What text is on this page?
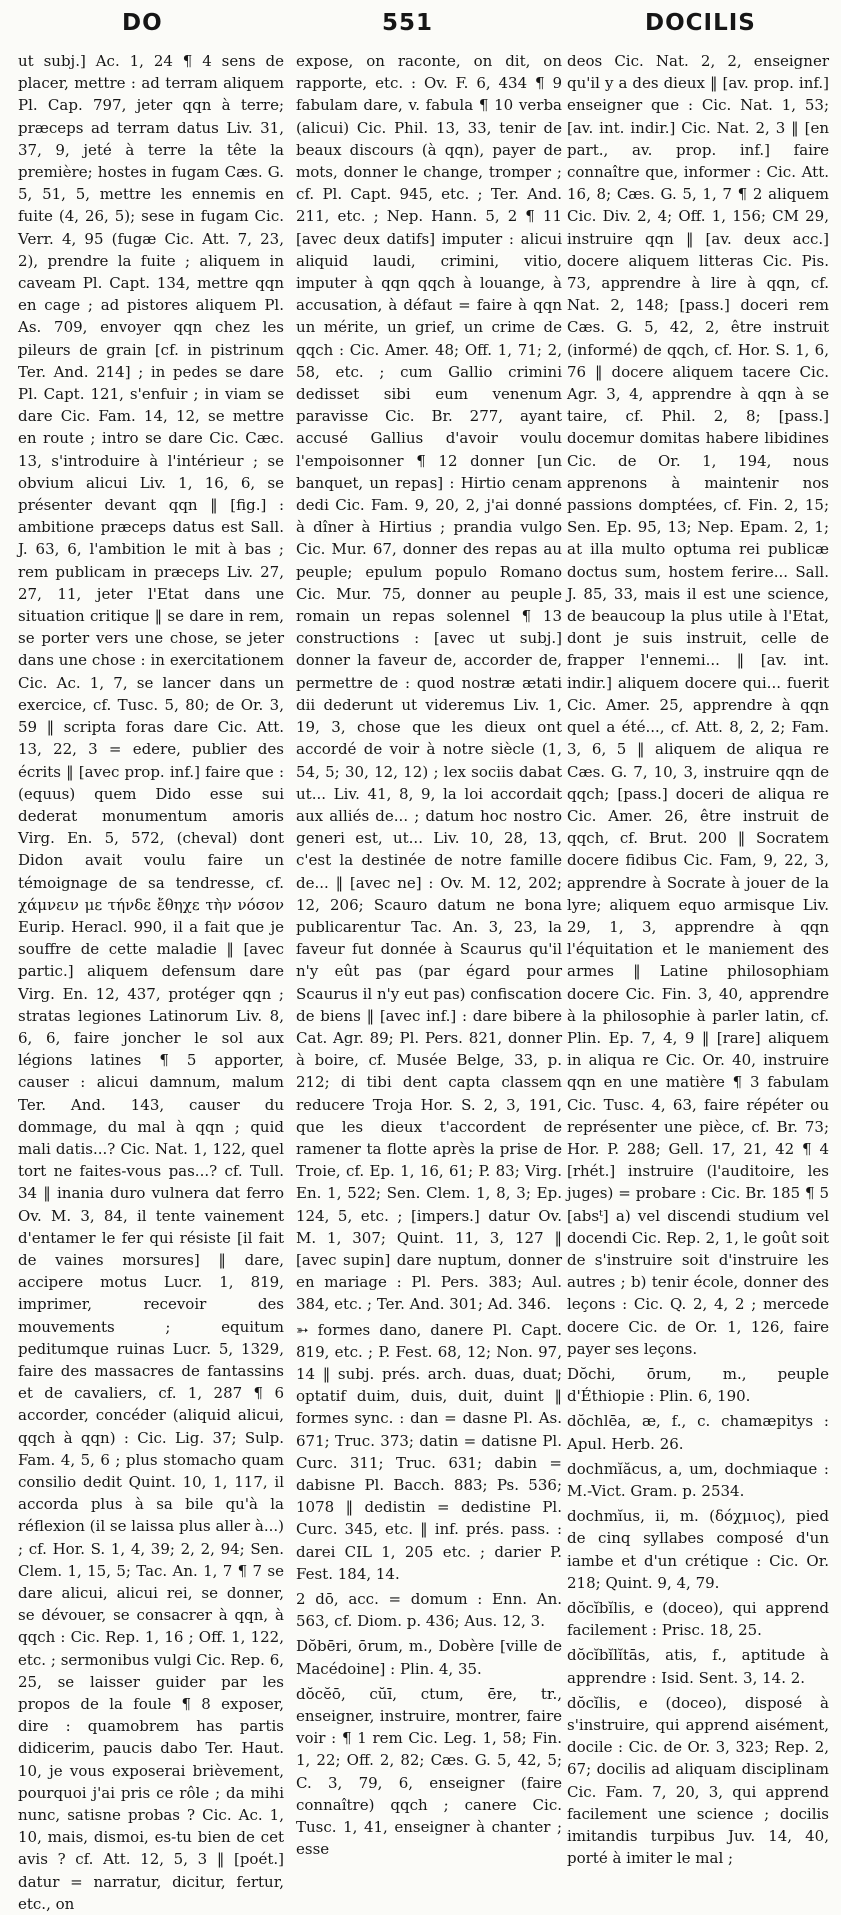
DO	551	DOCILIS

ut subj.] Ac. 1, 24 ¶ 4 sens de placer, mettre : ad terram aliquem Pl. Cap. 797, jeter qqn à terre; præceps ad terram datus Liv. 31, 37, 9, jeté à terre la tête la première; hostes in fugam Cæs. G. 5, 51, 5, mettre les ennemis en fuite (4, 26, 5); sese in fugam Cic. Verr. 4, 95 (fugæ Cic. Att. 7, 23, 2), prendre la fuite ; aliquem in caveam Pl. Capt. 134, mettre qqn en cage ; ad pistores aliquem Pl. As. 709, envoyer qqn chez les pileurs de grain [cf. in pistrinum Ter. And. 214] ; in pedes se dare Pl. Capt. 121, s'enfuir ; in viam se dare Cic. Fam. 14, 12, se mettre en route ; intro se dare Cic. Cæc. 13, s'introduire à l'intérieur ; se obvium alicui Liv. 1, 16, 6, se présenter devant qqn ‖ [fig.] : ambitione præceps datus est Sall. J. 63, 6, l'ambition le mit à bas ; rem publicam in præceps Liv. 27, 27, 11, jeter l'Etat dans une situation critique ‖ se dare in rem, se porter vers une chose, se jeter dans une chose : in exercitationem Cic. Ac. 1, 7, se lancer dans un exercice, cf. Tusc. 5, 80; de Or. 3, 59 ‖ scripta foras dare Cic. Att. 13, 22, 3 = edere, publier des écrits ‖ [avec prop. inf.] faire que : (equus) quem Dido esse sui dederat monumentum amoris Virg. En. 5, 572, (cheval) dont Didon avait voulu faire un témoignage de sa tendresse, cf. χάμνειν με τήνδε ἔθηχε τὴν νόσον Eurip. Heracl. 990, il a fait que je souffre de cette maladie ‖ [avec partic.] aliquem defensum dare Virg. En. 12, 437, protéger qqn ; stratas legiones Latinorum Liv. 8, 6, 6, faire joncher le sol aux légions latines ¶ 5 apporter, causer : alicui damnum, malum Ter. And. 143, causer du dommage, du mal à qqn ; quid mali datis...? Cic. Nat. 1, 122, quel tort ne faites-vous pas...? cf. Tull. 34 ‖ inania duro vulnera dat ferro Ov. M. 3, 84, il tente vainement d'entamer le fer qui résiste [il fait de vaines morsures] ‖ dare, accipere motus Lucr. 1, 819, imprimer, recevoir des mouvements ; equitum peditumque ruinas Lucr. 5, 1329, faire des massacres de fantassins et de cavaliers, cf. 1, 287 ¶ 6 accorder, concéder (aliquid alicui, qqch à qqn) : Cic. Lig. 37; Sulp. Fam. 4, 5, 6 ; plus stomacho quam consilio dedit Quint. 10, 1, 117, il accorda plus à sa bile qu'à la réflexion (il se laissa plus aller à...) ; cf. Hor. S. 1, 4, 39; 2, 2, 94; Sen. Clem. 1, 15, 5; Tac. An. 1, 7 ¶ 7 se dare alicui, alicui rei, se donner, se dévouer, se consacrer à qqn, à qqch : Cic. Rep. 1, 16 ; Off. 1, 122, etc. ; sermonibus vulgi Cic. Rep. 6, 25, se laisser guider par les propos de la foule ¶ 8 exposer, dire : quamobrem has partis didicerim, paucis dabo Ter. Haut. 10, je vous exposerai brièvement, pourquoi j'ai pris ce rôle ; da mihi nunc, satisne probas ? Cic. Ac. 1, 10, mais, dismoi, es-tu bien de cet avis ? cf. Att. 12, 5, 3 ‖ [poét.] datur = narratur, dicitur, fertur, etc., on

expose, on raconte, on dit, on rapporte, etc. : Ov. F. 6, 434 ¶ 9 fabulam dare, v. fabula ¶ 10 verba (alicui) Cic. Phil. 13, 33, tenir de beaux discours (à qqn), payer de mots, donner le change, tromper ; cf. Pl. Capt. 945, etc. ; Ter. And. 211, etc. ; Nep. Hann. 5, 2 ¶ 11 [avec deux datifs] imputer : alicui aliquid laudi, crimini, vitio, imputer à qqn qqch à louange, à accusation, à défaut = faire à qqn un mérite, un grief, un crime de qqch : Cic. Amer. 48; Off. 1, 71; 2, 58, etc. ; cum Gallio crimini dedisset sibi eum venenum paravisse Cic. Br. 277, ayant accusé Gallius d'avoir voulu l'empoisonner ¶ 12 donner [un banquet, un repas] : Hirtio cenam dedi Cic. Fam. 9, 20, 2, j'ai donné à dîner à Hirtius ; prandia vulgo Cic. Mur. 67, donner des repas au peuple; epulum populo Romano Cic. Mur. 75, donner au peuple romain un repas solennel ¶ 13 constructions : [avec ut subj.] donner la faveur de, accorder de, permettre de : quod nostræ ætati dii dederunt ut videremus Liv. 1, 19, 3, chose que les dieux ont accordé de voir à notre siècle (1, 54, 5; 30, 12, 12) ; lex sociis dabat ut... Liv. 41, 8, 9, la loi accordait aux alliés de... ; datum hoc nostro generi est, ut... Liv. 10, 28, 13, c'est la destinée de notre famille de... ‖ [avec ne] : Ov. M. 12, 202; 12, 206; Scauro datum ne bona publicarentur Tac. An. 3, 23, la faveur fut donnée à Scaurus qu'il n'y eût pas (par égard pour Scaurus il n'y eut pas) confiscation de biens ‖ [avec inf.] : dare bibere Cat. Agr. 89; Pl. Pers. 821, donner à boire, cf. Musée Belge, 33, p. 212; di tibi dent capta classem reducere Troja Hor. S. 2, 3, 191, que les dieux t'accordent de ramener ta flotte après la prise de Troie, cf. Ep. 1, 16, 61; P. 83; Virg. En. 1, 522; Sen. Clem. 1, 8, 3; Ep. 124, 5, etc. ; [impers.] datur Ov. M. 1, 307; Quint. 11, 3, 127 ‖ [avec supin] dare nuptum, donner en mariage : Pl. Pers. 383; Aul. 384, etc. ; Ter. And. 301; Ad. 346.

➳ formes dano, danere Pl. Capt. 819, etc. ; P. Fest. 68, 12; Non. 97, 14 ‖ subj. prés. arch. duas, duat; optatif duim, duis, duit, duint ‖ formes sync. : dan = dasne Pl. As. 671; Truc. 373; datin = datisne Pl. Curc. 311; Truc. 631; dabin = dabisne Pl. Bacch. 883; Ps. 536; 1078 ‖ dedistin = dedistine Pl. Curc. 345, etc. ‖ inf. prés. pass. : darei CIL 1, 205 etc. ; darier P. Fest. 184, 14.

2 dō, acc. = domum : Enn. An. 563, cf. Diom. p. 436; Aus. 12, 3.

Dŏbēri, ōrum, m., Dobère [ville de Macédoine] : Plin. 4, 35.

dŏcĕō, cŭī, ctum, ēre, tr., enseigner, instruire, montrer, faire voir : ¶ 1 rem Cic. Leg. 1, 58; Fin. 1, 22; Off. 2, 82; Cæs. G. 5, 42, 5; C. 3, 79, 6, enseigner (faire connaître) qqch ; canere Cic. Tusc. 1, 41, enseigner à chanter ; esse

deos Cic. Nat. 2, 2, enseigner qu'il y a des dieux ‖ [av. prop. inf.] enseigner que : Cic. Nat. 1, 53; [av. int. indir.] Cic. Nat. 2, 3 ‖ [en part., av. prop. inf.] faire connaître que, informer : Cic. Att. 16, 8; Cæs. G. 5, 1, 7 ¶ 2 aliquem Cic. Div. 2, 4; Off. 1, 156; CM 29, instruire qqn ‖ [av. deux acc.] docere aliquem litteras Cic. Pis. 73, apprendre à lire à qqn, cf. Nat. 2, 148; [pass.] doceri rem Cæs. G. 5, 42, 2, être instruit (informé) de qqch, cf. Hor. S. 1, 6, 76 ‖ docere aliquem tacere Cic. Agr. 3, 4, apprendre à qqn à se taire, cf. Phil. 2, 8; [pass.] docemur domitas habere libidines Cic. de Or. 1, 194, nous apprenons à maintenir nos passions domptées, cf. Fin. 2, 15; Sen. Ep. 95, 13; Nep. Epam. 2, 1; at illa multo optuma rei publicæ doctus sum, hostem ferire... Sall. J. 85, 33, mais il est une science, de beaucoup la plus utile à l'Etat, dont je suis instruit, celle de frapper l'ennemi... ‖ [av. int. indir.] aliquem docere qui... fuerit Cic. Amer. 25, apprendre à qqn quel a été..., cf. Att. 8, 2, 2; Fam. 3, 6, 5 ‖ aliquem de aliqua re Cæs. G. 7, 10, 3, instruire qqn de qqch; [pass.] doceri de aliqua re Cic. Amer. 26, être instruit de qqch, cf. Brut. 200 ‖ Socratem docere fidibus Cic. Fam, 9, 22, 3, apprendre à Socrate à jouer de la lyre; aliquem equo armisque Liv. 29, 1, 3, apprendre à qqn l'équitation et le maniement des armes ‖ Latine philosophiam docere Cic. Fin. 3, 40, apprendre à la philosophie à parler latin, cf. Plin. Ep. 7, 4, 9 ‖ [rare] aliquem in aliqua re Cic. Or. 40, instruire qqn en une matière ¶ 3 fabulam Cic. Tusc. 4, 63, faire répéter ou représenter une pièce, cf. Br. 73; Hor. P. 288; Gell. 17, 21, 42 ¶ 4 [rhét.] instruire (l'auditoire, les juges) = probare : Cic. Br. 185 ¶ 5 [absᵗ] a) vel discendi studium vel docendi Cic. Rep. 2, 1, le goût soit de s'instruire soit d'instruire les autres ; b) tenir école, donner des leçons : Cic. Q. 2, 4, 2 ; mercede docere Cic. de Or. 1, 126, faire payer ses leçons.

Dŏchi, ōrum, m., peuple d'Éthiopie : Plin. 6, 190.

dŏchlēa, æ, f., c. chamæpitys : Apul. Herb. 26.

dochmĭăcus, a, um, dochmiaque : M.-Vict. Gram. p. 2534.

dochmĭus, ii, m. (δόχμιος), pied de cinq syllabes composé d'un iambe et d'un crétique : Cic. Or. 218; Quint. 9, 4, 79.

dŏcĭbĭlis, e (doceo), qui apprend facilement : Prisc. 18, 25.

dŏcĭbĭlĭtās, atis, f., aptitude à apprendre : Isid. Sent. 3, 14. 2.

dŏcĭlis, e (doceo), disposé à s'instruire, qui apprend aisément, docile : Cic. de Or. 3, 323; Rep. 2, 67; docilis ad aliquam disciplinam Cic. Fam. 7, 20, 3, qui apprend facilement une science ; docilis imitandis turpibus Juv. 14, 40, porté à imiter le mal ;
